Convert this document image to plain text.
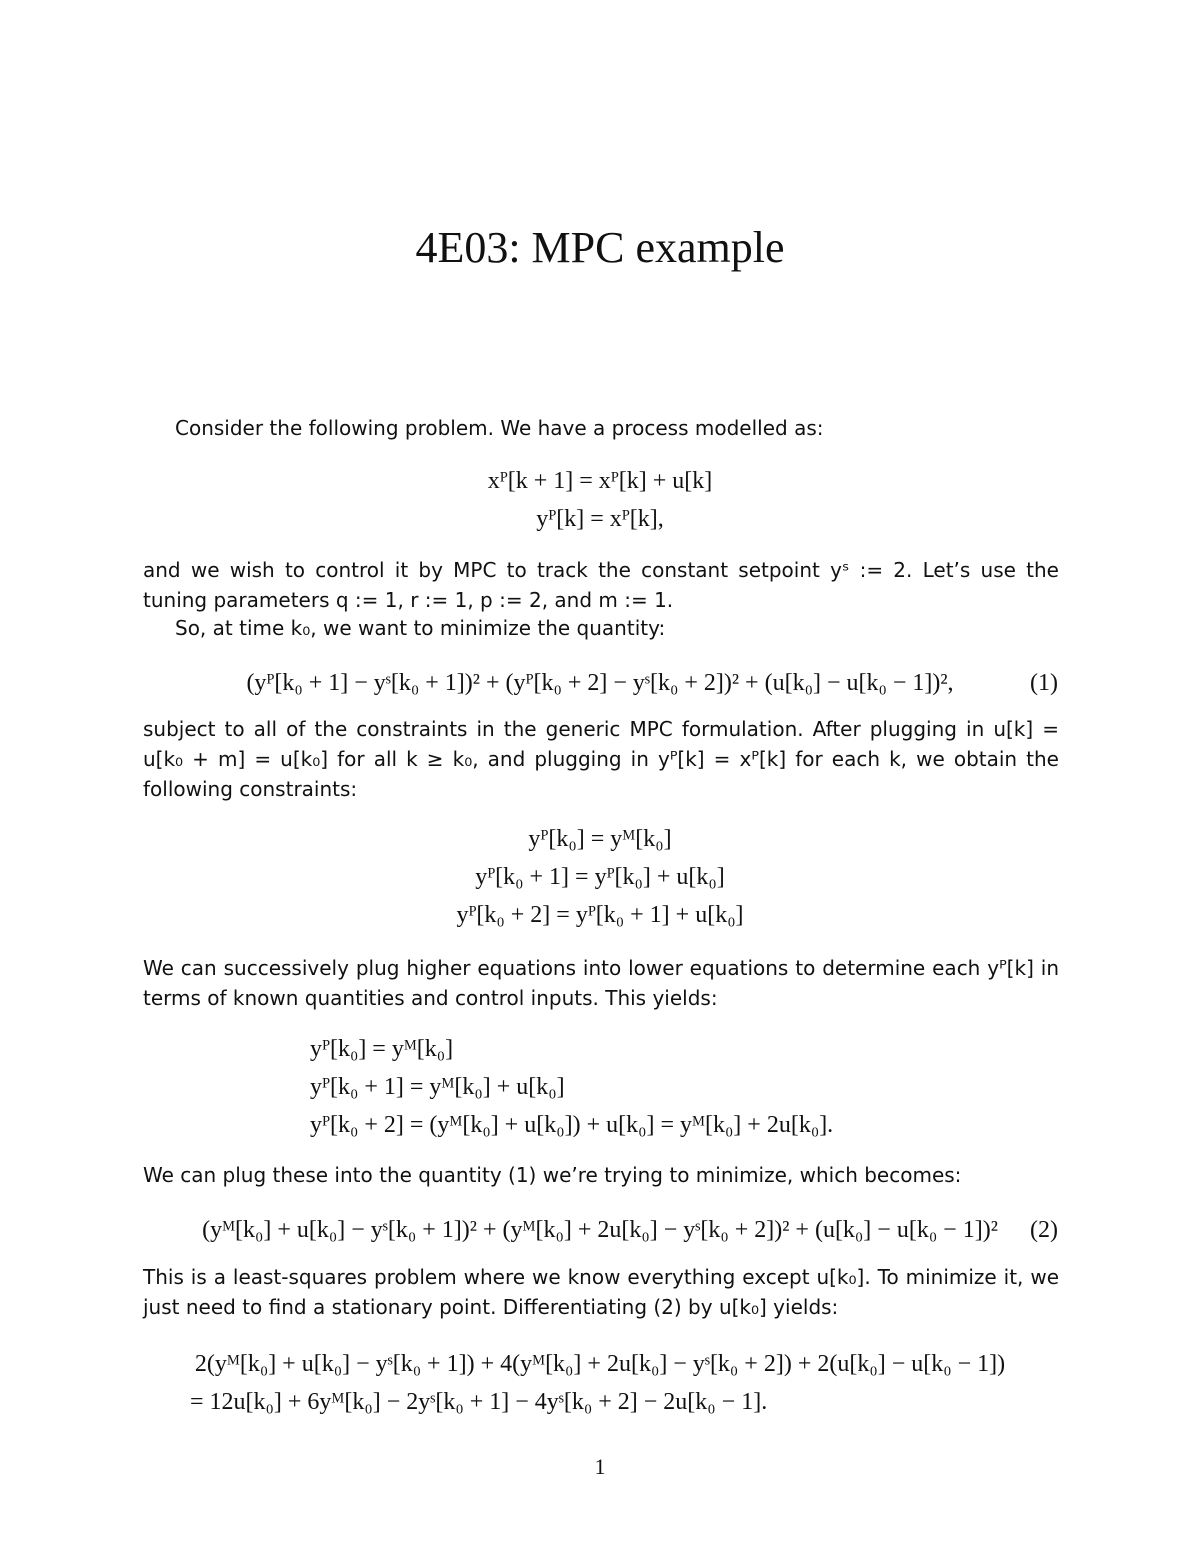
4E03: MPC example
Consider the following problem. We have a process modelled as:
xᴾ[k + 1] = xᴾ[k] + u[k]
yᴾ[k] = xᴾ[k],
and we wish to control it by MPC to track the constant setpoint yˢ := 2. Let’s use the tuning parameters q := 1, r := 1, p := 2, and m := 1.
So, at time k₀, we want to minimize the quantity:
(yᴾ[k₀ + 1] − yˢ[k₀ + 1])² + (yᴾ[k₀ + 2] − yˢ[k₀ + 2])² + (u[k₀] − u[k₀ − 1])²,	(1)
subject to all of the constraints in the generic MPC formulation. After plugging in u[k] = u[k₀ + m] = u[k₀] for all k ≥ k₀, and plugging in yᴾ[k] = xᴾ[k] for each k, we obtain the following constraints:
yᴾ[k₀] = yᴹ[k₀]
yᴾ[k₀ + 1] = yᴾ[k₀] + u[k₀]
yᴾ[k₀ + 2] = yᴾ[k₀ + 1] + u[k₀]
We can successively plug higher equations into lower equations to determine each yᴾ[k] in terms of known quantities and control inputs. This yields:
yᴾ[k₀] = yᴹ[k₀]
yᴾ[k₀ + 1] = yᴹ[k₀] + u[k₀]
yᴾ[k₀ + 2] = (yᴹ[k₀] + u[k₀]) + u[k₀] = yᴹ[k₀] + 2u[k₀].
We can plug these into the quantity (1) we’re trying to minimize, which becomes:
(yᴹ[k₀] + u[k₀] − yˢ[k₀ + 1])² + (yᴹ[k₀] + 2u[k₀] − yˢ[k₀ + 2])² + (u[k₀] − u[k₀ − 1])² (2)
This is a least-squares problem where we know everything except u[k₀]. To minimize it, we just need to find a stationary point. Differentiating (2) by u[k₀] yields:
2(yᴹ[k₀] + u[k₀] − yˢ[k₀ + 1]) + 4(yᴹ[k₀] + 2u[k₀] − yˢ[k₀ + 2]) + 2(u[k₀] − u[k₀ − 1])
= 12u[k₀] + 6yᴹ[k₀] − 2yˢ[k₀ + 1] − 4yˢ[k₀ + 2] − 2u[k₀ − 1].
1
